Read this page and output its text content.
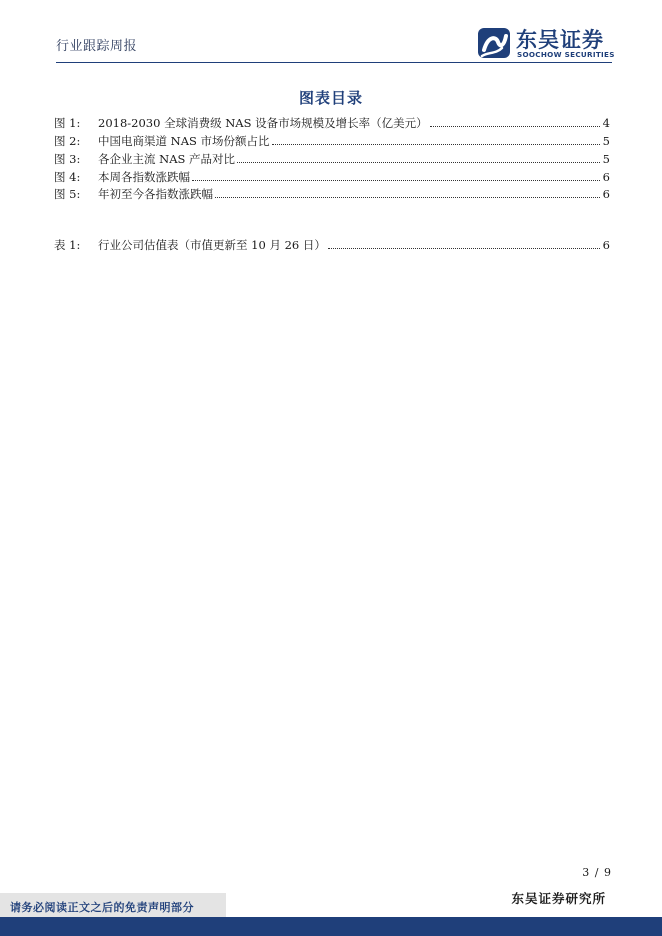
行业跟踪周报	东吴证券
SOOCHOW SECURITIES
图表目录
图 1:	2018-2030 全球消费级 NAS 设备市场规模及增长率（亿美元）	4
图 2:	中国电商渠道 NAS 市场份额占比	5
图 3:	各企业主流 NAS 产品对比	5
图 4:	本周各指数涨跌幅	6
图 5:	年初至今各指数涨跌幅	6
表 1:	行业公司估值表（市值更新至 10 月 26 日）	6
3 / 9
请务必阅读正文之后的免责声明部分
东吴证券研究所
